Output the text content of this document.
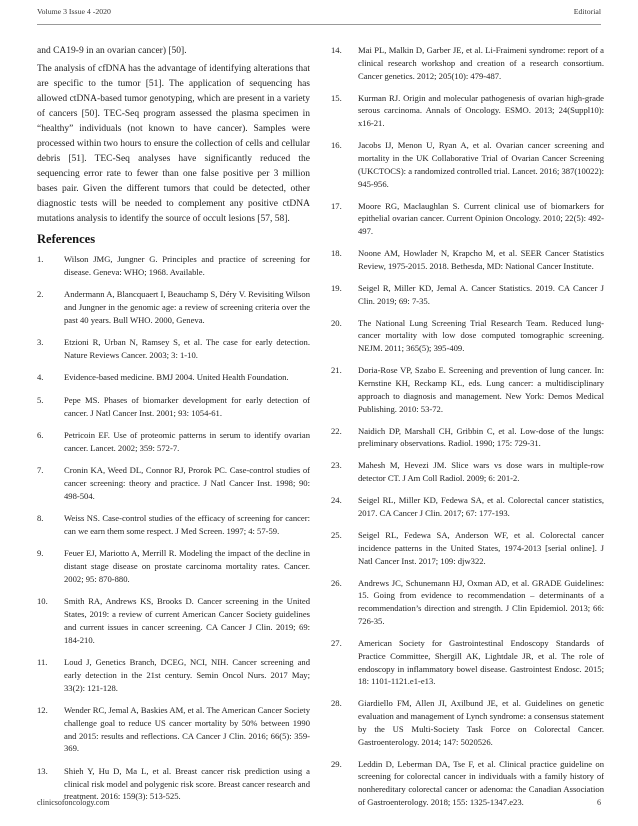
Volume 3 Issue 4 -2020	Editorial

and CA19-9 in an ovarian cancer) [50].

The analysis of cfDNA has the advantage of identifying alterations that are specific to the tumor [51]. The application of sequencing has allowed ctDNA-based tumor genotyping, which are present in a variety of cancers [50]. TEC-Seq program assessed the plasma specimen in “healthy” individuals (not known to have cancer). Samples were processed within two hours to ensure the collection of cells and cellular debris [51]. TEC-Seq analyses have significantly reduced the sequencing error rate to fewer than one false positive per 3 million bases pair. Given the different tumors that could be detected, other diagnostic tests will be needed to complement any positive ctDNA mutations analysis to identify the source of occult lesions [57, 58].

References

1.	Wilson JMG, Jungner G. Principles and practice of screening for disease. Geneva: WHO; 1968. Available.

2.	Andermann A, Blancquaert I, Beauchamp S, Déry V. Revisiting Wilson and Jungner in the genomic age: a review of screening criteria over the past 40 years. Bull WHO. 2000, Geneva.

3.	Etzioni R, Urban N, Ramsey S, et al. The case for early detection. Nature Reviews Cancer. 2003; 3: 1-10.

4.	Evidence-based medicine. BMJ 2004. United Health Foundation.

5.	Pepe MS. Phases of biomarker development for early detection of cancer. J Natl Cancer Inst. 2001; 93: 1054-61.

6.	Petricoin EF. Use of proteomic patterns in serum to identify ovarian cancer. Lancet. 2002; 359: 572-7.

7.	Cronin KA, Weed DL, Connor RJ, Prorok PC. Case-control studies of cancer screening: theory and practice. J Natl Cancer Inst. 1998; 90: 498-504.

8.	Weiss NS. Case-control studies of the efficacy of screening for cancer: can we earn them some respect. J Med Screen. 1997; 4: 57-59.

9.	Feuer EJ, Mariotto A, Merrill R. Modeling the impact of the decline in distant stage disease on prostate carcinoma mortality rates. Cancer. 2002; 95: 870-880.

10.	Smith RA, Andrews KS, Brooks D. Cancer screening in the United States, 2019: a review of current American Cancer Society guidelines and current issues in cancer screening. CA Cancer J Clin. 2019; 69: 184-210.

11.	Loud J, Genetics Branch, DCEG, NCI, NIH. Cancer screening and early detection in the 21st century. Semin Oncol Nurs. 2017 May; 33(2): 121-128.

12.	Wender RC, Jemal A, Baskies AM, et al. The American Cancer Society challenge goal to reduce US cancer mortality by 50% between 1990 and 2015: results and reflections. CA Cancer J Clin. 2016; 66(5): 359-369.

13.	Shieh Y, Hu D, Ma L, et al. Breast cancer risk prediction using a clinical risk model and polygenic risk score. Breast cancer research and treatment. 2016: 159(3): 513-525.

14.	Mai PL, Malkin D, Garber JE, et al. Li-Fraimeni syndrome: report of a clinical research workshop and creation of a research consortium. Cancer genetics. 2012; 205(10): 479-487.

15.	Kurman RJ. Origin and molecular pathogenesis of ovarian high-grade serous carcinoma. Annals of Oncology. ESMO. 2013; 24(Suppl10): x16-21.

16.	Jacobs IJ, Menon U, Ryan A, et al. Ovarian cancer screening and mortality in the UK Collaborative Trial of Ovarian Cancer Screening (UKCTOCS): a randomized controlled trial. Lancet. 2016; 387(10022): 945-956.

17.	Moore RG, Maclaughlan S. Current clinical use of biomarkers for epithelial ovarian cancer. Current Opinion Oncology. 2010; 22(5): 492-497.

18.	Noone AM, Howlader N, Krapcho M, et al. SEER Cancer Statistics Review, 1975-2015. 2018. Bethesda, MD: National Cancer Institute.

19.	Seigel R, Miller KD, Jemal A. Cancer Statistics. 2019. CA Cancer J Clin. 2019; 69: 7-35.

20.	The National Lung Screening Trial Research Team. Reduced lung-cancer mortality with low dose computed tomographic screening. NEJM. 2011; 365(5); 395-409.

21.	Doria-Rose VP, Szabo E. Screening and prevention of lung cancer. In: Kernstine KH, Reckamp KL, eds. Lung cancer: a multidisciplinary approach to diagnosis and management. New York: Demos Medical Publishing. 2010: 53-72.

22.	Naidich DP, Marshall CH, Gribbin C, et al. Low-dose of the lungs: preliminary observations. Radiol. 1990; 175: 729-31.

23.	Mahesh M, Hevezi JM. Slice wars vs dose wars in multiple-row detector CT. J Am Coll Radiol. 2009; 6: 201-2.

24.	Seigel RL, Miller KD, Fedewa SA, et al. Colorectal cancer statistics, 2017. CA Cancer J Clin. 2017; 67: 177-193.

25.	Seigel RL, Fedewa SA, Anderson WF, et al. Colorectal cancer incidence patterns in the United States, 1974-2013 [serial online]. J Natl Cancer Inst. 2017; 109: djw322.

26.	Andrews JC, Schunemann HJ, Oxman AD, et al. GRADE Guidelines: 15. Going from evidence to recommendation – determinants of a recommendation’s direction and strength. J Clin Epidemiol. 2013; 66: 726-35.

27.	American Society for Gastrointestinal Endoscopy Standards of Practice Committee, Shergill AK, Lightdale JR, et al. The role of endoscopy in inflammatory bowel disease. Gastrointest Endosc. 2015; 18: 1101-1121.e1-e13.

28.	Giardiello FM, Allen JI, Axilbund JE, et al. Guidelines on genetic evaluation and management of Lynch syndrome: a consensus statement by the US Multi-Society Task Force on Colorectal Cancer. Gastroenterology. 2014; 147: 5020526.

29.	Leddin D, Leberman DA, Tse F, et al. Clinical practice guideline on screening for colorectal cancer in individuals with a family history of nonhereditary colorectal cancer or adenoma: the Canadian Association of Gastroenterology. 2018; 155: 1325-1347.e23.

clinicsofoncology.com	6
